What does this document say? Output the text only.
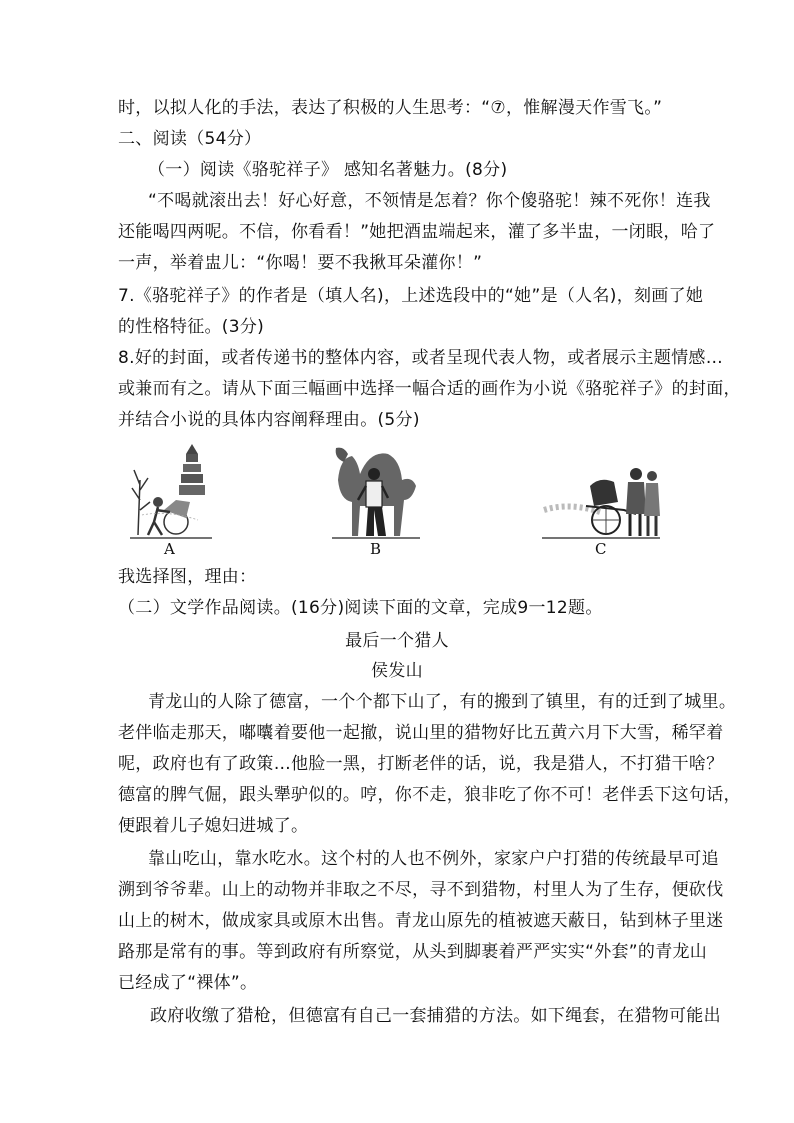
时，以拟人化的手法，表达了积极的人生思考：“⑦，惟解漫天作雪飞。”
二、阅读（54分）
（一）阅读《骆驼祥子》 感知名著魅力。(8分)
“不喝就滚出去！好心好意，不领情是怎着？你个傻骆驼！辣不死你！连我
还能喝四两呢。不信，你看看！”她把酒盅端起来，灌了多半盅，一闭眼，哈了
一声，举着盅儿：“你喝！要不我揪耳朵灌你！”
7.《骆驼祥子》的作者是（填人名)，上述选段中的“她”是（人名)，刻画了她
的性格特征。(3分)
8.好的封面，或者传递书的整体内容，或者呈现代表人物，或者展示主题情感…
或兼而有之。请从下面三幅画中选择一幅合适的画作为小说《骆驼祥子》的封面，
并结合小说的具体内容阐释理由。(5分)
A	B	C
我选择图，理由：
（二）文学作品阅读。(16分)阅读下面的文章，完成9一12题。
最后一个猎人
侯发山
青龙山的人除了德富，一个个都下山了，有的搬到了镇里，有的迁到了城里。
老伴临走那天，嘟囔着要他一起撤，说山里的猎物好比五黄六月下大雪，稀罕着
呢，政府也有了政策…他脸一黑，打断老伴的话，说，我是猎人，不打猎干啥？
德富的脾气倔，跟头犟驴似的。哼，你不走，狼非吃了你不可！老伴丢下这句话，
便跟着儿子媳妇进城了。
靠山吃山，靠水吃水。这个村的人也不例外，家家户户打猎的传统最早可追
溯到爷爷辈。山上的动物并非取之不尽，寻不到猎物，村里人为了生存，便砍伐
山上的树木，做成家具或原木出售。青龙山原先的植被遮天蔽日，钻到林子里迷
路那是常有的事。等到政府有所察觉，从头到脚裹着严严实实“外套”的青龙山
已经成了“裸体”。
政府收缴了猎枪，但德富有自己一套捕猎的方法。如下绳套，在猎物可能出
